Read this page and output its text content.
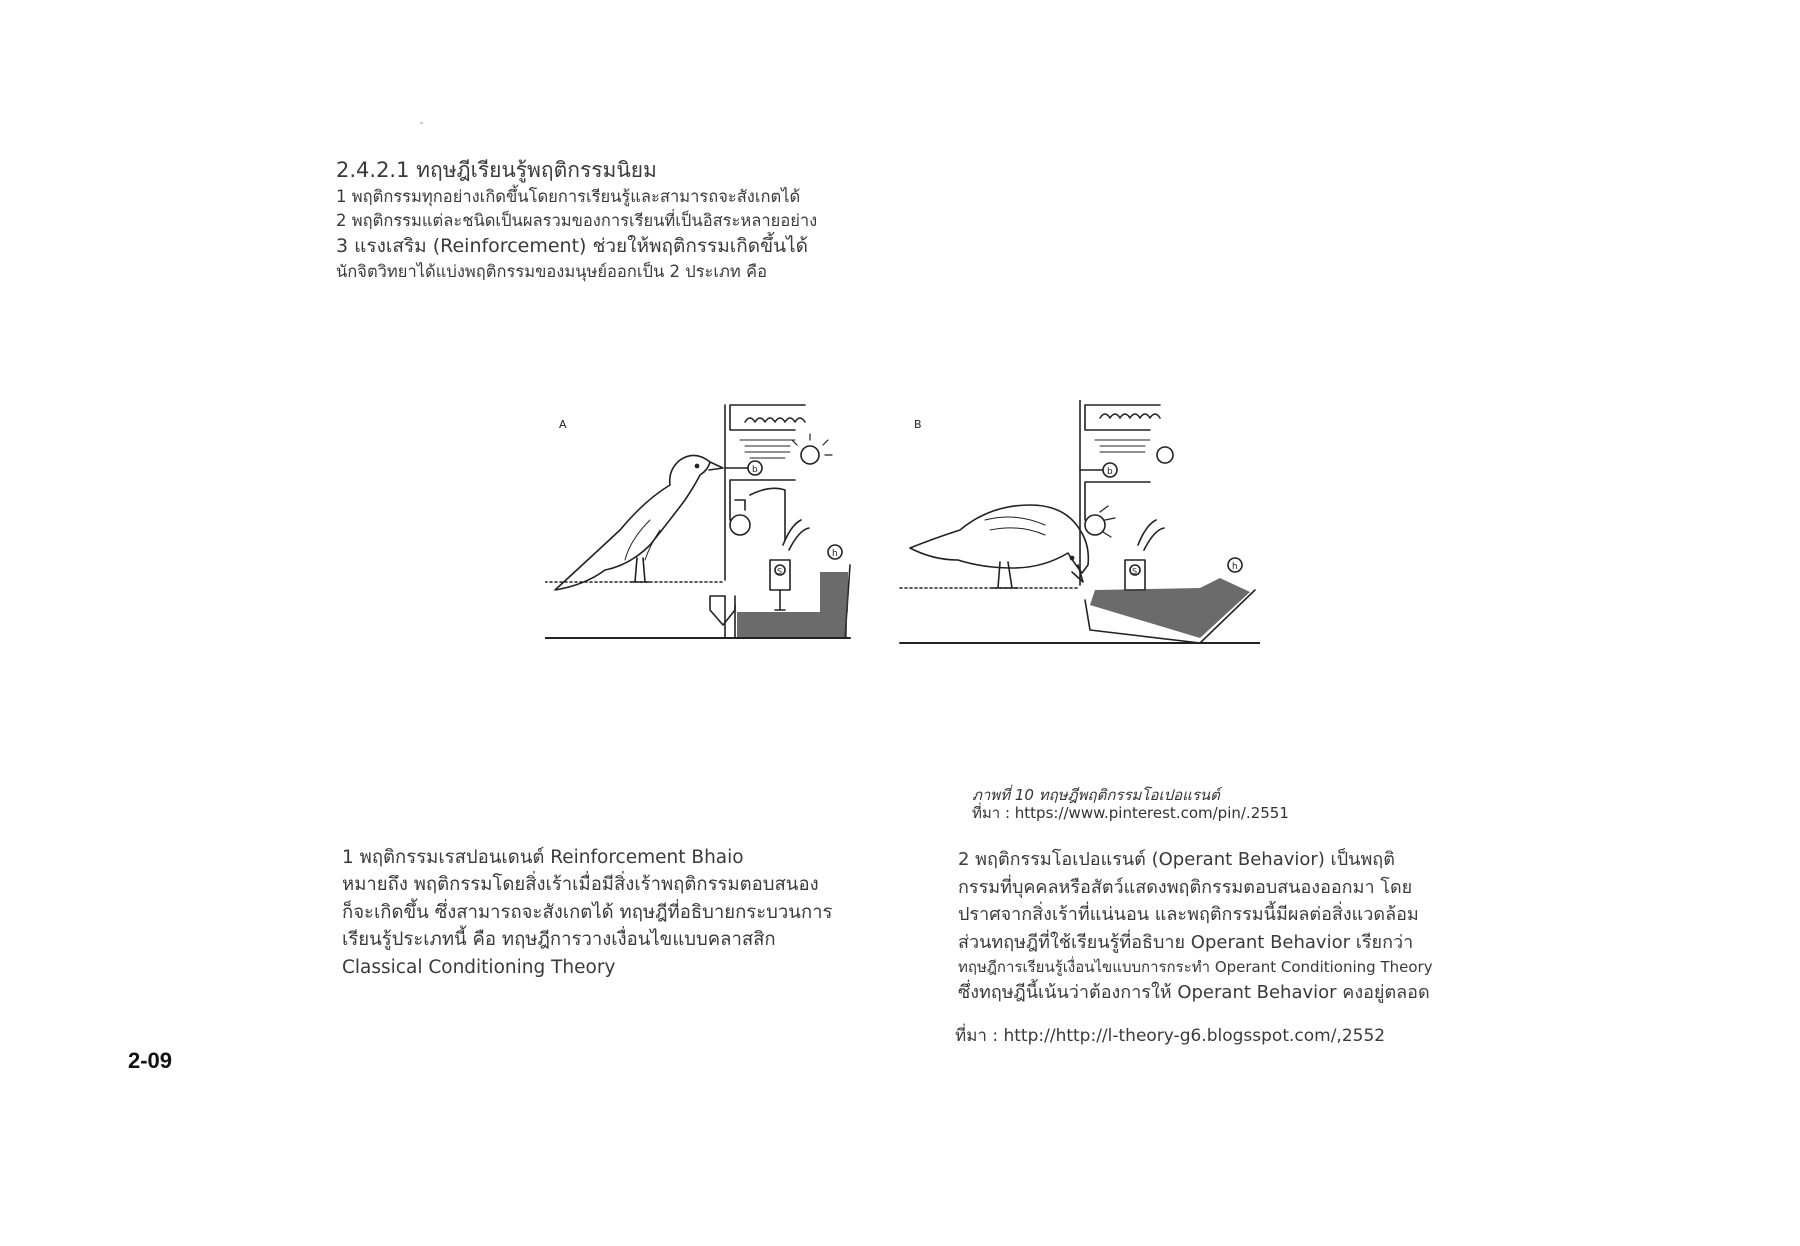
2.4.2.1 ทฤษฎีเรียนรู้พฤติกรรมนิยม
1 พฤติกรรมทุกอย่างเกิดขึ้นโดยการเรียนรู้และสามารถจะสังเกตได้
2 พฤติกรรมแต่ละชนิดเป็นผลรวมของการเรียนที่เป็นอิสระหลายอย่าง
3 แรงเสริม (Reinforcement) ช่วยให้พฤติกรรมเกิดขึ้นได้
นักจิตวิทยาได้แบ่งพฤติกรรมของมนุษย์ออกเป็น 2 ประเภท คือ
A
b
S
h
B
b
S	h
ภาพที่ 10 ทฤษฎีพฤติกรรมโอเปอแรนต์
ที่มา : https://www.pinterest.com/pin/.2551
1 พฤติกรรมเรสปอนเดนต์ Reinforcement Bhaio
หมายถึง พฤติกรรมโดยสิ่งเร้าเมื่อมีสิ่งเร้าพฤติกรรมตอบสนอง
ก็จะเกิดขึ้น ซึ่งสามารถจะสังเกตได้ ทฤษฎีที่อธิบายกระบวนการ
เรียนรู้ประเภทนี้ คือ ทฤษฎีการวางเงื่อนไขแบบคลาสสิก
Classical Conditioning Theory
2 พฤติกรรมโอเปอแรนต์ (Operant Behavior) เป็นพฤติ
กรรมที่บุคคลหรือสัตว์แสดงพฤติกรรมตอบสนองออกมา โดย
ปราศจากสิ่งเร้าที่แน่นอน และพฤติกรรมนี้มีผลต่อสิ่งแวดล้อม
ส่วนทฤษฎีที่ใช้เรียนรู้ที่อธิบาย Operant Behavior เรียกว่า
ทฤษฎีการเรียนรู้เงื่อนไขแบบการกระทำ Operant Conditioning Theory
ซึ่งทฤษฎีนี้เน้นว่าต้องการให้ Operant Behavior คงอยู่ตลอด
ที่มา : http://http://l-theory-g6.blogsspot.com/,2552
2-09
